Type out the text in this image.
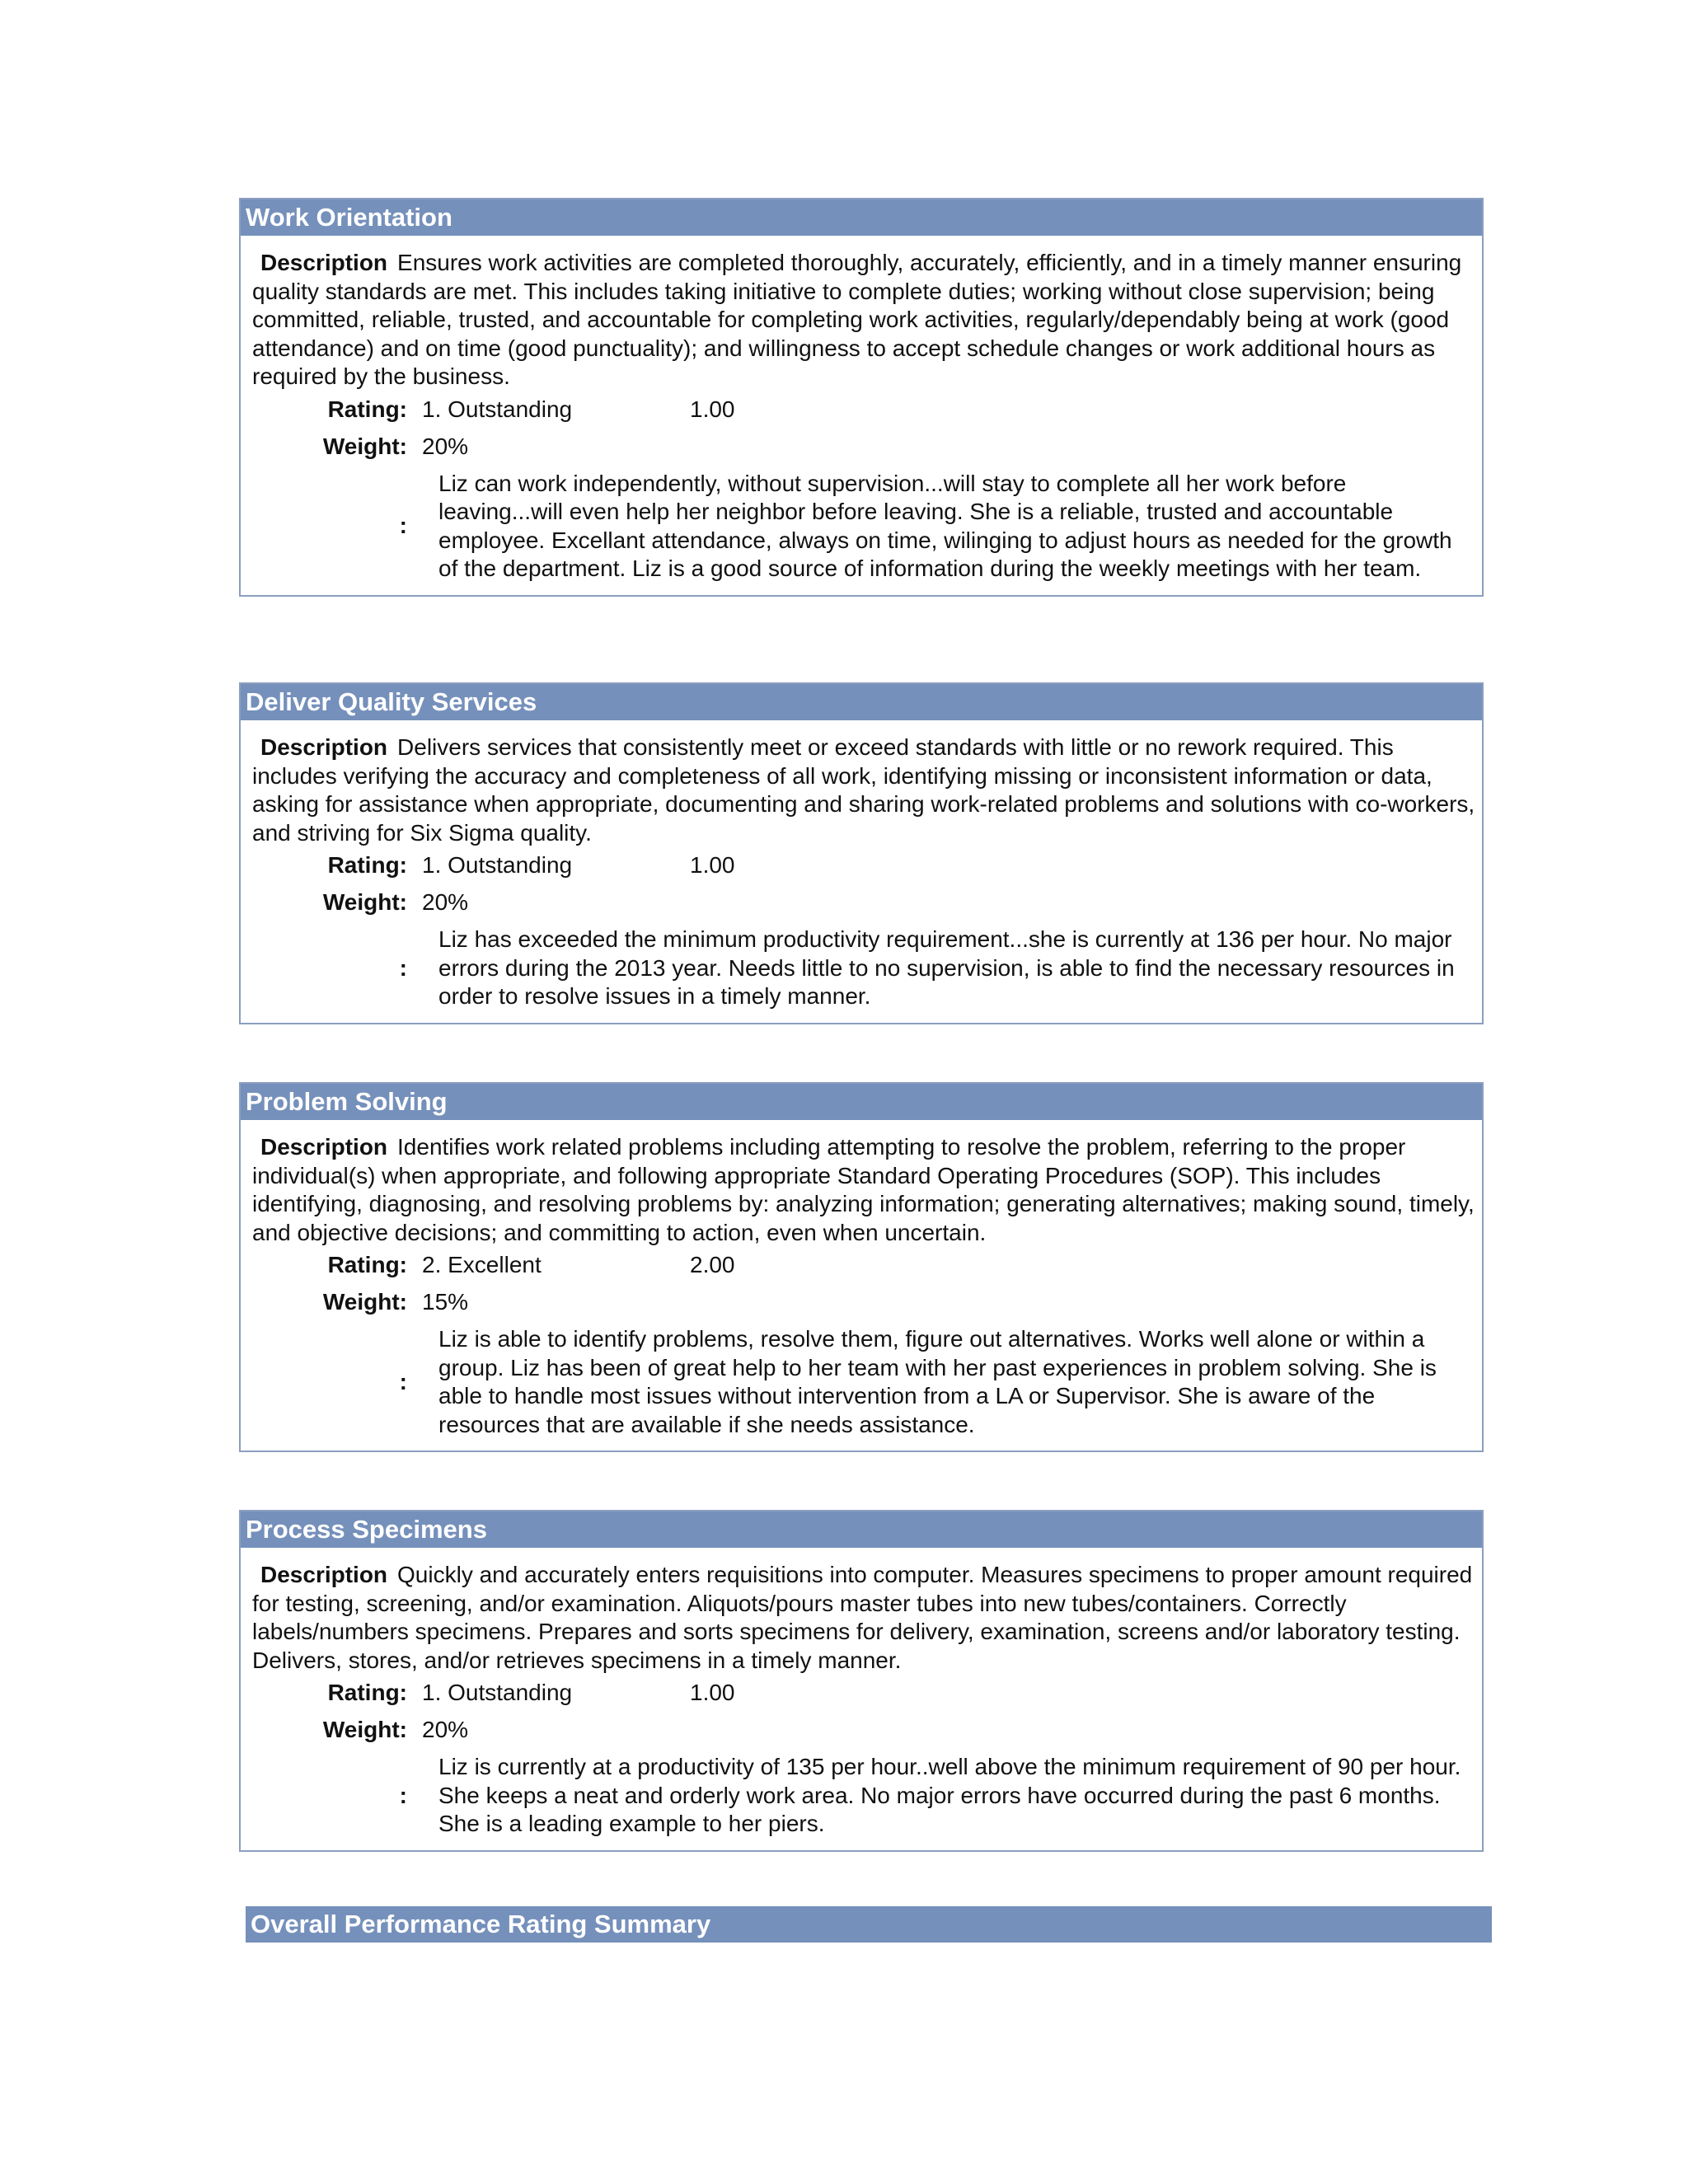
Work Orientation
Description Ensures work activities are completed thoroughly, accurately, efficiently, and in a timely manner ensuring quality standards are met. This includes taking initiative to complete duties; working without close supervision; being committed, reliable, trusted, and accountable for completing work activities, regularly/dependably being at work (good attendance) and on time (good punctuality); and willingness to accept schedule changes or work additional hours as required by the business.
Rating: 1. Outstanding	1.00
Weight: 20%
:
Liz can work independently, without supervision...will stay to complete all her work before leaving...will even help her neighbor before leaving. She is a reliable, trusted and accountable employee. Excellant attendance, always on time, wilinging to adjust hours as needed for the growth of the department. Liz is a good source of information during the weekly meetings with her team.
Deliver Quality Services
Description Delivers services that consistently meet or exceed standards with little or no rework required. This includes verifying the accuracy and completeness of all work, identifying missing or inconsistent information or data, asking for assistance when appropriate, documenting and sharing work-related problems and solutions with co-workers, and striving for Six Sigma quality.
Rating: 1. Outstanding	1.00
Weight: 20%
:
Liz has exceeded the minimum productivity requirement...she is currently at 136 per hour. No major errors during the 2013 year. Needs little to no supervision, is able to find the necessary resources in order to resolve issues in a timely manner.
Problem Solving
Description Identifies work related problems including attempting to resolve the problem, referring to the proper individual(s) when appropriate, and following appropriate Standard Operating Procedures (SOP). This includes identifying, diagnosing, and resolving problems by: analyzing information; generating alternatives; making sound, timely, and objective decisions; and committing to action, even when uncertain.
Rating: 2. Excellent	2.00
Weight: 15%
:
Liz is able to identify problems, resolve them, figure out alternatives. Works well alone or within a group. Liz has been of great help to her team with her past experiences in problem solving. She is able to handle most issues without intervention from a LA or Supervisor. She is aware of the resources that are available if she needs assistance.
Process Specimens
Description Quickly and accurately enters requisitions into computer. Measures specimens to proper amount required for testing, screening, and/or examination. Aliquots/pours master tubes into new tubes/containers. Correctly labels/numbers specimens. Prepares and sorts specimens for delivery, examination, screens and/or laboratory testing. Delivers, stores, and/or retrieves specimens in a timely manner.
Rating: 1. Outstanding	1.00
Weight: 20%
:
Liz is currently at a productivity of 135 per hour..well above the minimum requirement of 90 per hour. She keeps a neat and orderly work area. No major errors have occurred during the past 6 months. She is a leading example to her piers.
Overall Performance Rating Summary
